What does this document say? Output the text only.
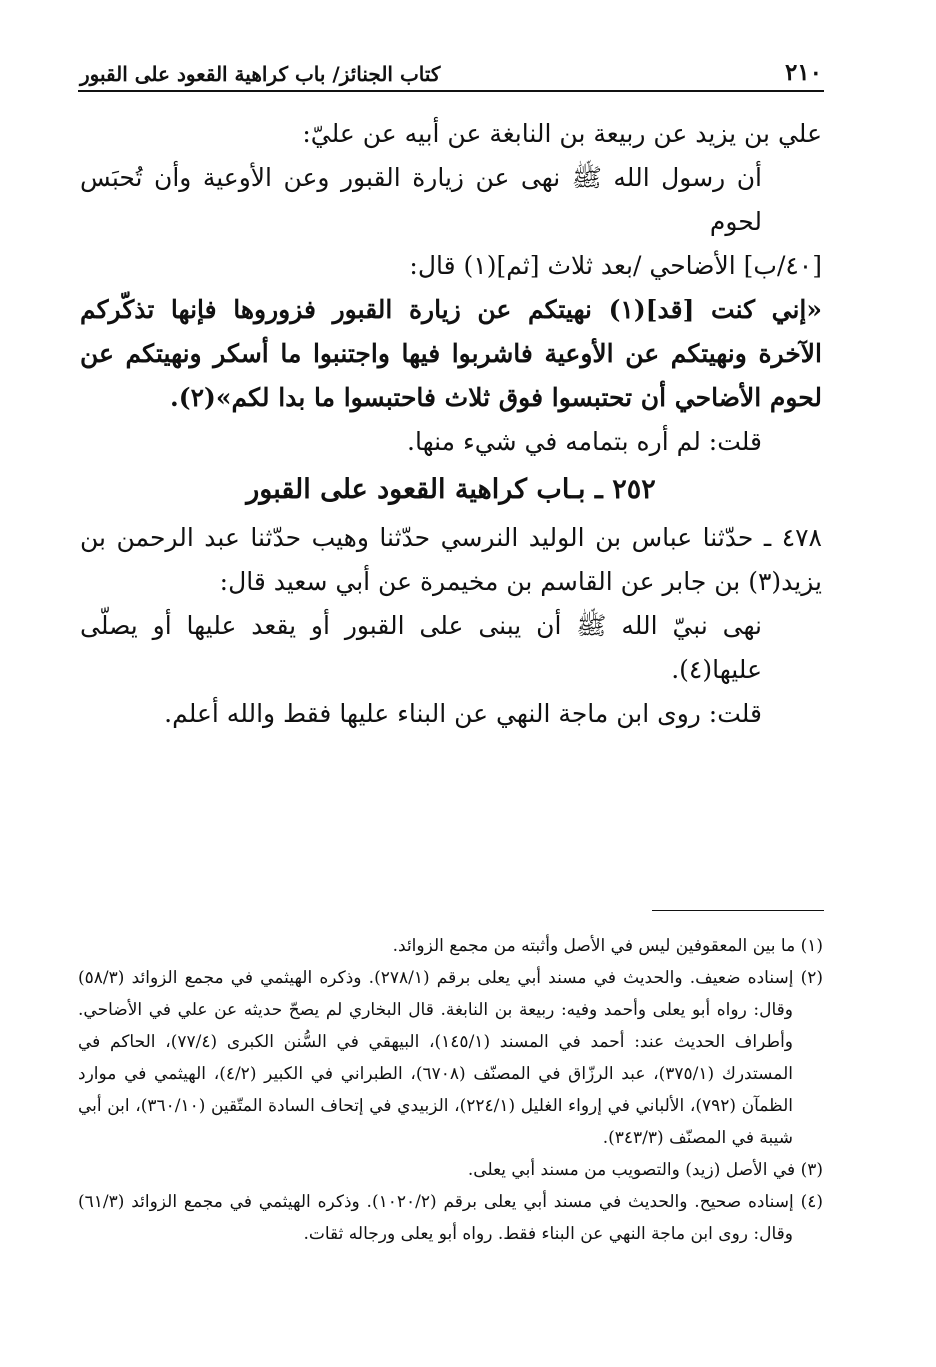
٢١٠
كتاب الجنائز/ باب كراهية القعود على القبور

علي بن يزيد عن ربيعة بن النابغة عن أبيه عن عليّ:

أن رسول الله ﷺ نهى عن زيارة القبور وعن الأوعية وأن تُحبَس لحوم

[٤٠/ب] الأضاحي /بعد ثلاث [ثم](١) قال:

«إني كنت [قد](١) نهيتكم عن زيارة القبور فزوروها فإنها تذكّركم الآخرة ونهيتكم عن الأوعية فاشربوا فيها واجتنبوا ما أسكر ونهيتكم عن لحوم الأضاحي أن تحتبسوا فوق ثلاث فاحتبسوا ما بدا لكم»(٢).

قلت: لم أره بتمامه في شيء منها.

٢٥٢ ـ بـاب كراهية القعود على القبور

٤٧٨ ـ حدّثنا عباس بن الوليد النرسي حدّثنا وهيب حدّثنا عبد الرحمن بن يزيد(٣) بن جابر عن القاسم بن مخيمرة عن أبي سعيد قال:

نهى نبيّ الله ﷺ أن يبنى على القبور أو يقعد عليها أو يصلّى عليها(٤).

قلت: روى ابن ماجة النهي عن البناء عليها فقط والله أعلم.

(١) ما بين المعقوفين ليس في الأصل وأثبته من مجمع الزوائد.

(٢) إسناده ضعيف. والحديث في مسند أبي يعلى برقم (٢٧٨/١). وذكره الهيثمي في مجمع الزوائد (٥٨/٣) وقال: رواه أبو يعلى وأحمد وفيه: ربيعة بن النابغة. قال البخاري لم يصحّ حديثه عن علي في الأضاحي. وأطراف الحديث عند: أحمد في المسند (١٤٥/١)، البيهقي في السُّنن الكبرى (٧٧/٤)، الحاكم في المستدرك (٣٧٥/١)، عبد الرزّاق في المصنّف (٦٧٠٨)، الطبراني في الكبير (٤/٢)، الهيثمي في موارد الظمآن (٧٩٢)، الألباني في إرواء الغليل (٢٢٤/١)، الزبيدي في إتحاف السادة المتّقين (٣٦٠/١٠)، ابن أبي شيبة في المصنّف (٣٤٣/٣).

(٣) في الأصل (زيد) والتصويب من مسند أبي يعلى.

(٤) إسناده صحيح. والحديث في مسند أبي يعلى برقم (١٠٢٠/٢). وذكره الهيثمي في مجمع الزوائد (٦١/٣) وقال: روى ابن ماجة النهي عن البناء فقط. رواه أبو يعلى ورجاله ثقات.
